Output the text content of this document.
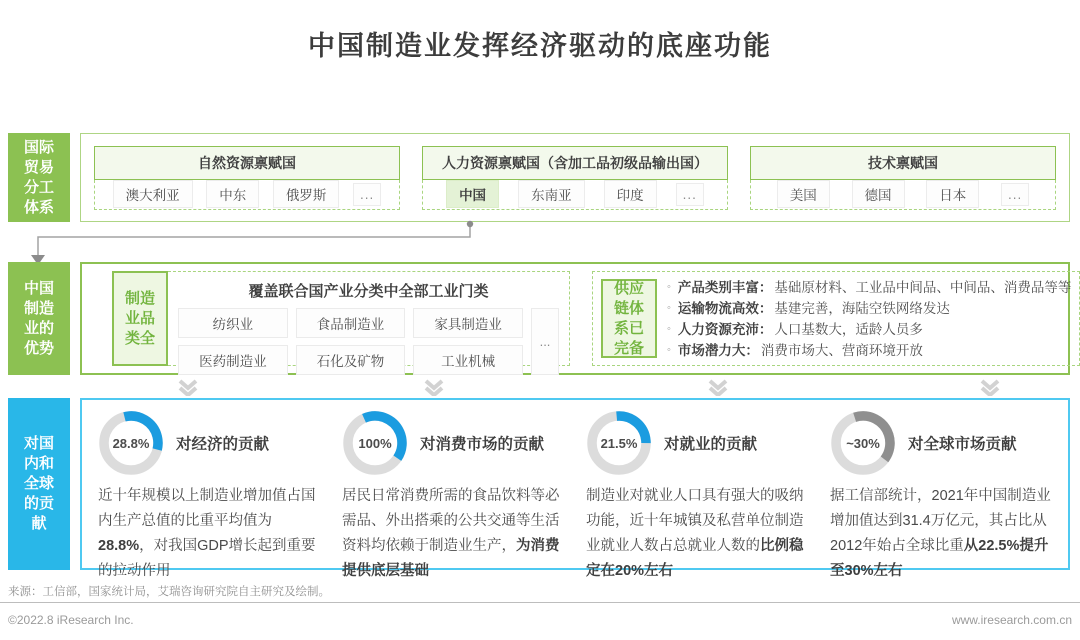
中国制造业发挥经济驱动的底座功能
国际贸易分工体系
自然资源禀赋国
澳大利亚	中东	俄罗斯	...
人力资源禀赋国（含加工品初级品输出国）
中国	东南亚	印度	...
技术禀赋国
美国	德国	日本	...
中国制造业的优势
制造业品类全
覆盖联合国产业分类中全部工业门类
纺织业	食品制造业	家具制造业
医药制造业	石化及矿物	工业机械
...
供应链体系已完备
◦ 产品类别丰富： 基础原材料、工业品中间品、中间品、消费品等等
◦ 运输物流高效： 基建完善，海陆空铁网络发达
◦ 人力资源充沛： 人口基数大，适龄人员多
◦ 市场潜力大： 消费市场大、营商环境开放
对国内和全球的贡献
28.8%	对经济的贡献
近十年规模以上制造业增加值占国内生产总值的比重平均值为28.8%，对我国GDP增长起到重要的拉动作用
100%	对消费市场的贡献
居民日常消费所需的食品饮料等必需品、外出搭乘的公共交通等生活资料均依赖于制造业生产，为消费提供底层基础
21.5%	对就业的贡献
制造业对就业人口具有强大的吸纳功能，近十年城镇及私营单位制造业就业人数占总就业人数的比例稳定在20%左右
~30%	对全球市场贡献
据工信部统计，2021年中国制造业增加值达到31.4万亿元，其占比从2012年始占全球比重从22.5%提升至30%左右
来源：工信部，国家统计局，艾瑞咨询研究院自主研究及绘制。
©2022.8 iResearch Inc.	www.iresearch.com.cn
